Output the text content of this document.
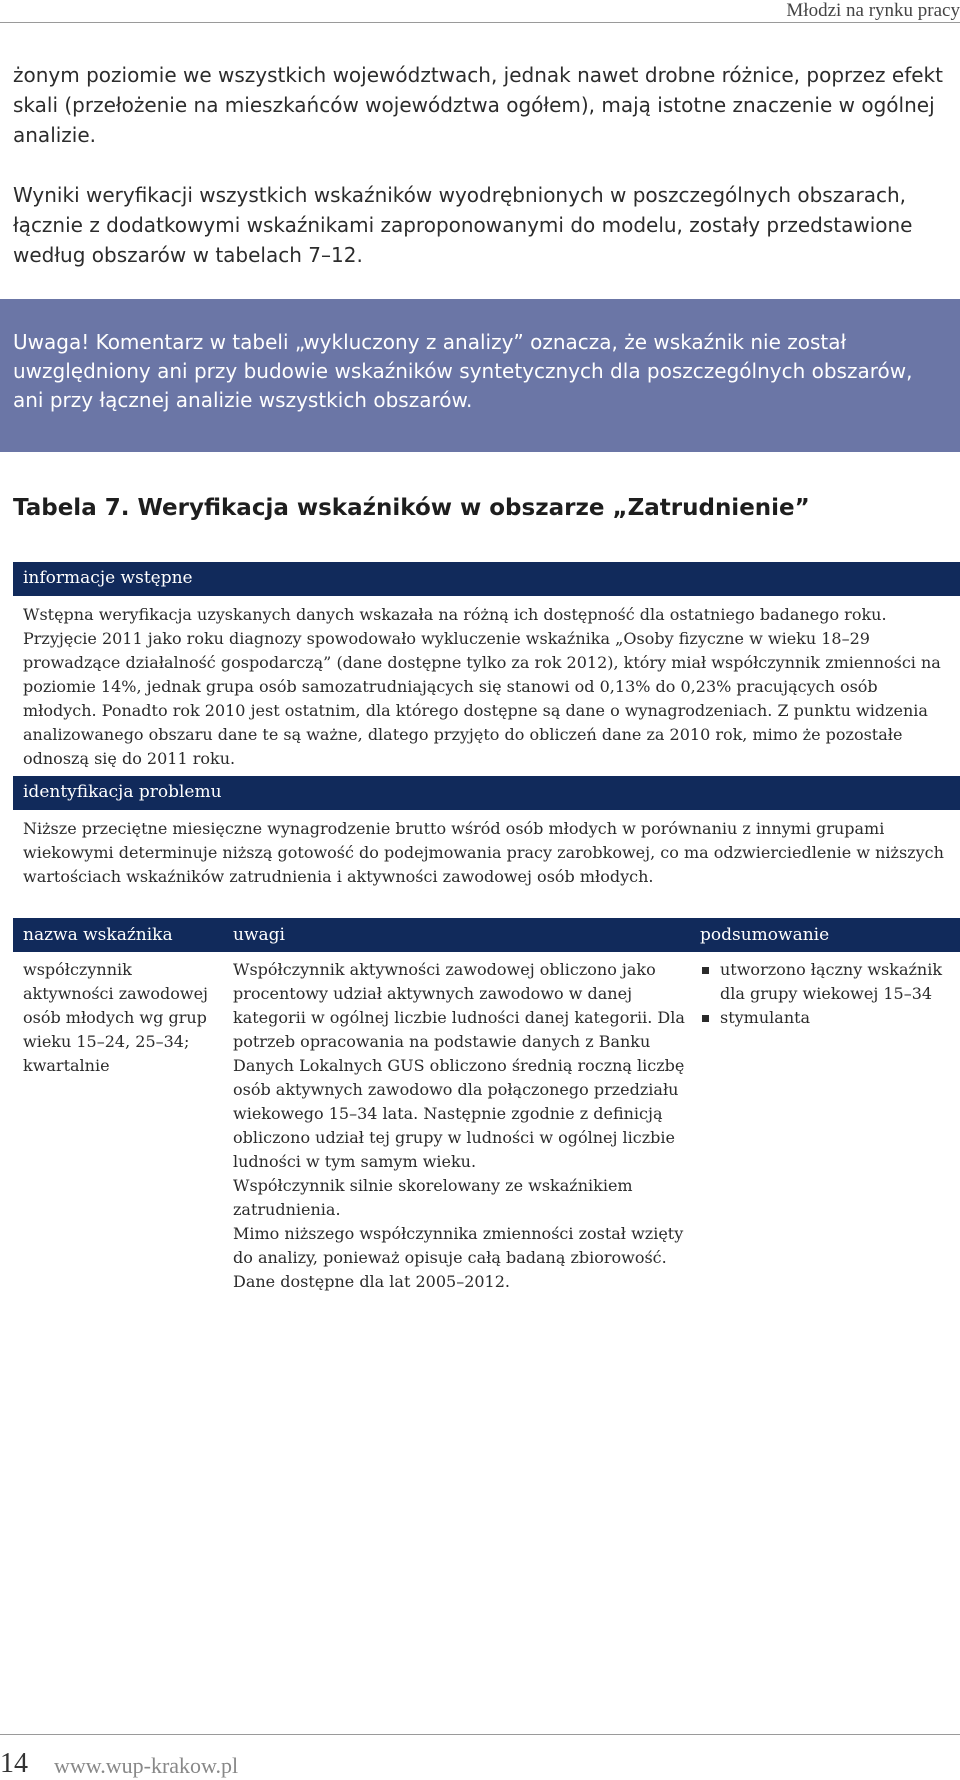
Młodzi na rynku pracy

żonym poziomie we wszystkich województwach, jednak nawet drobne różnice, poprzez efekt skali (przełożenie na mieszkańców województwa ogółem), mają istotne znaczenie w ogólnej analizie.

Wyniki weryfikacji wszystkich wskaźników wyodrębnionych w poszczególnych obszarach, łącznie z dodatkowymi wskaźnikami zaproponowanymi do modelu, zostały przedstawione według obszarów w tabelach 7–12.

Uwaga! Komentarz w tabeli „wykluczony z analizy” oznacza, że wskaźnik nie został uwzględniony ani przy budowie wskaźników syntetycznych dla poszczególnych obszarów, ani przy łącznej analizie wszystkich obszarów.
Tabela 7. Weryfikacja wskaźników w obszarze „Zatrudnienie”
informacje wstępne

Wstępna weryfikacja uzyskanych danych wskazała na różną ich dostępność dla ostatniego badanego roku. Przyjęcie 2011 jako roku diagnozy spowodowało wykluczenie wskaźnika „Osoby fizyczne w wieku 18–29 prowadzące działalność gospodarczą” (dane dostępne tylko za rok 2012), który miał współczynnik zmienności na poziomie 14%, jednak grupa osób samozatrudniających się stanowi od 0,13% do 0,23% pracujących osób młodych. Ponadto rok 2010 jest ostatnim, dla którego dostępne są dane o wynagrodzeniach. Z punktu widzenia analizowanego obszaru dane te są ważne, dlatego przyjęto do obliczeń dane za 2010 rok, mimo że pozostałe odnoszą się do 2011 roku.

identyfikacja problemu

Niższe przeciętne miesięczne wynagrodzenie brutto wśród osób młodych w porównaniu z innymi grupami wiekowymi determinuje niższą gotowość do podejmowania pracy zarobkowej, co ma odzwierciedlenie w niższych wartościach wskaźników zatrudnienia i aktywności zawodowej osób młodych.

nazwa wskaźnika	uwagi	podsumowanie
współczynnik aktywności zawodowej osób młodych wg grup wieku 15–24, 25–34; kwartalnie
Współczynnik aktywności zawodowej obliczono jako procentowy udział aktywnych zawodowo w danej kategorii w ogólnej liczbie ludności danej kategorii. Dla potrzeb opracowania na podstawie danych z Banku Danych Lokalnych GUS obliczono średnią roczną liczbę osób aktywnych zawodowo dla połączonego przedziału wiekowego 15–34 lata. Następnie zgodnie z definicją obliczono udział tej grupy w ludności w ogólnej liczbie ludności w tym samym wieku.
Współczynnik silnie skorelowany ze wskaźnikiem zatrudnienia.
Mimo niższego współczynnika zmienności został wzięty do analizy, ponieważ opisuje całą badaną zbiorowość.
Dane dostępne dla lat 2005–2012.
utworzono łączny wskaźnik dla grupy wiekowej 15–34
stymulanta
14 www.wup-krakow.pl
